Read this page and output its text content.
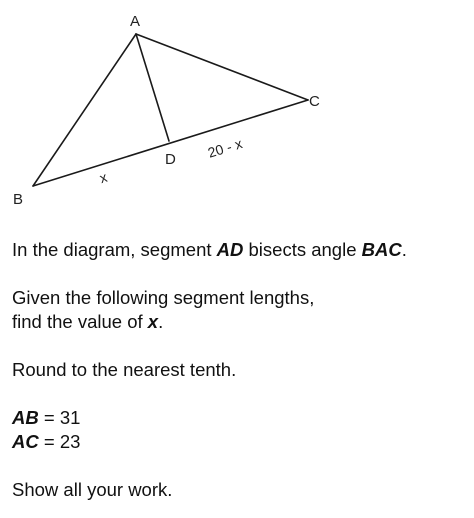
A
B
C
D
x
20 - x

In the diagram, segment AD bisects angle BAC.

Given the following segment lengths,

find the value of x.

Round to the nearest tenth.

AB = 31

AC = 23

Show all your work.
